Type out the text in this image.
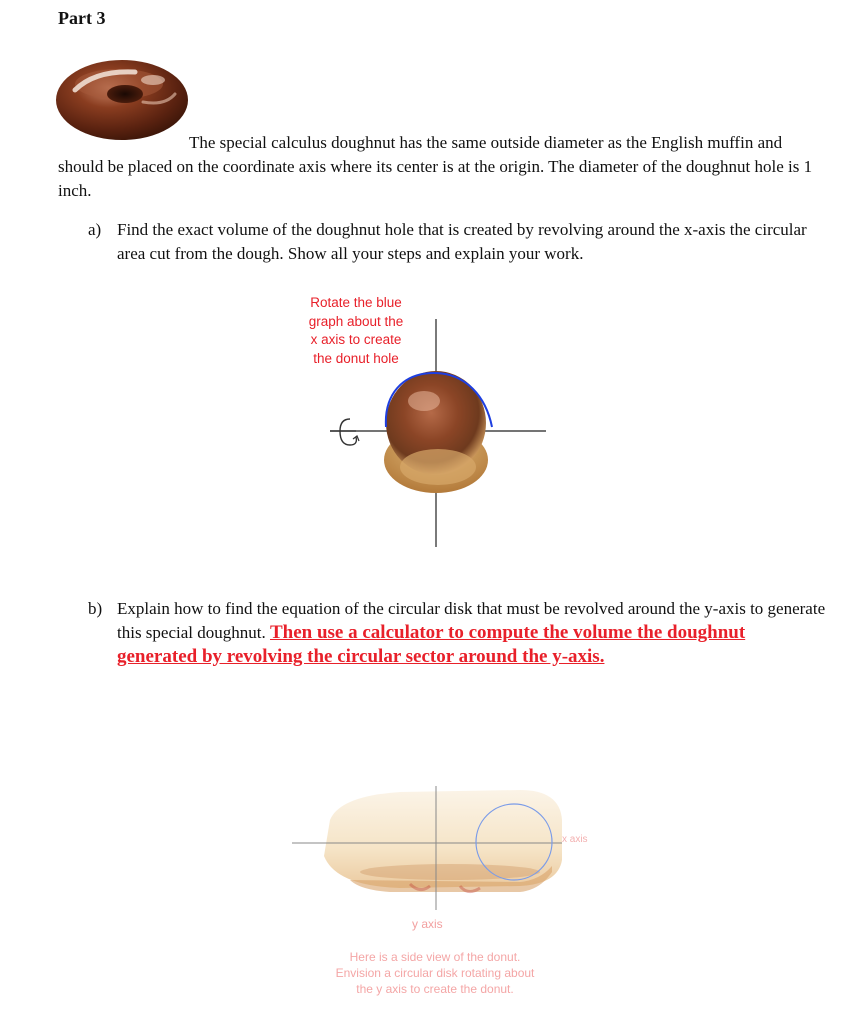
Part 3
The special calculus doughnut has the same outside diameter as the English muffin and should be placed on the coordinate axis where its center is at the origin. The diameter of the doughnut hole is 1 inch.
a) Find the exact volume of the doughnut hole that is created by revolving around the x-axis the circular area cut from the dough. Show all your steps and explain your work.
Rotate the blue graph about the x axis to create the donut hole
b) Explain how to find the equation of the circular disk that must be revolved around the y-axis to generate this special doughnut. Then use a calculator to compute the volume the doughnut generated by revolving the circular sector around the y-axis.
x axis
y axis
Here is a side view of the donut. Envision a circular disk rotating about the y axis to create the donut.
